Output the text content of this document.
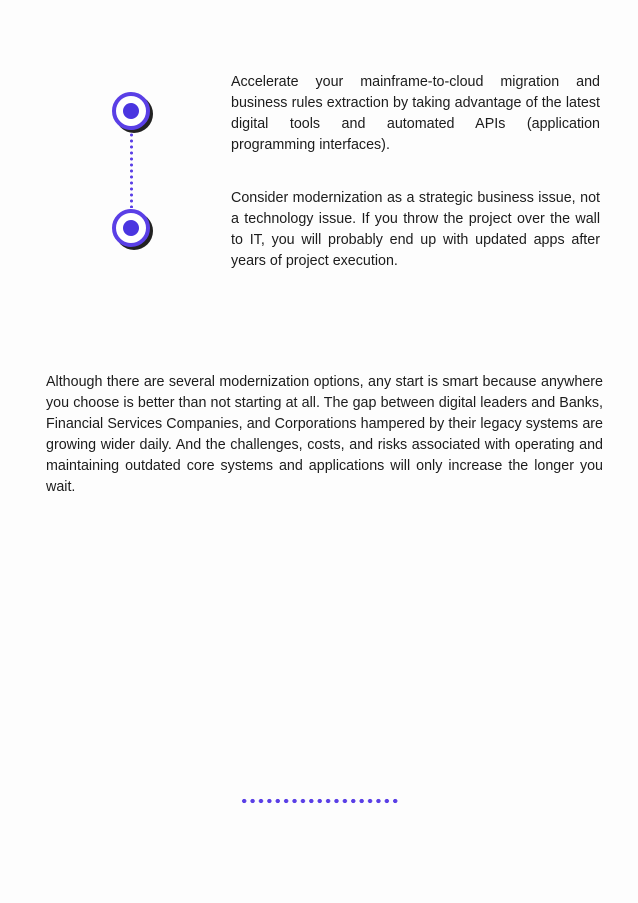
Accelerate your mainframe-to-cloud migration and business rules extraction by taking advantage of the latest digital tools and automated APIs (application programming interfaces).

Consider modernization as a strategic business issue, not a technology issue. If you throw the project over the wall to IT, you will probably end up with updated apps after years of project execution.

Although there are several modernization options, any start is smart because anywhere you choose is better than not starting at all. The gap between digital leaders and Banks, Financial Services Companies, and Corporations hampered by their legacy systems are growing wider daily. And the challenges, costs, and risks associated with operating and maintaining outdated core systems and applications will only increase the longer you wait.
